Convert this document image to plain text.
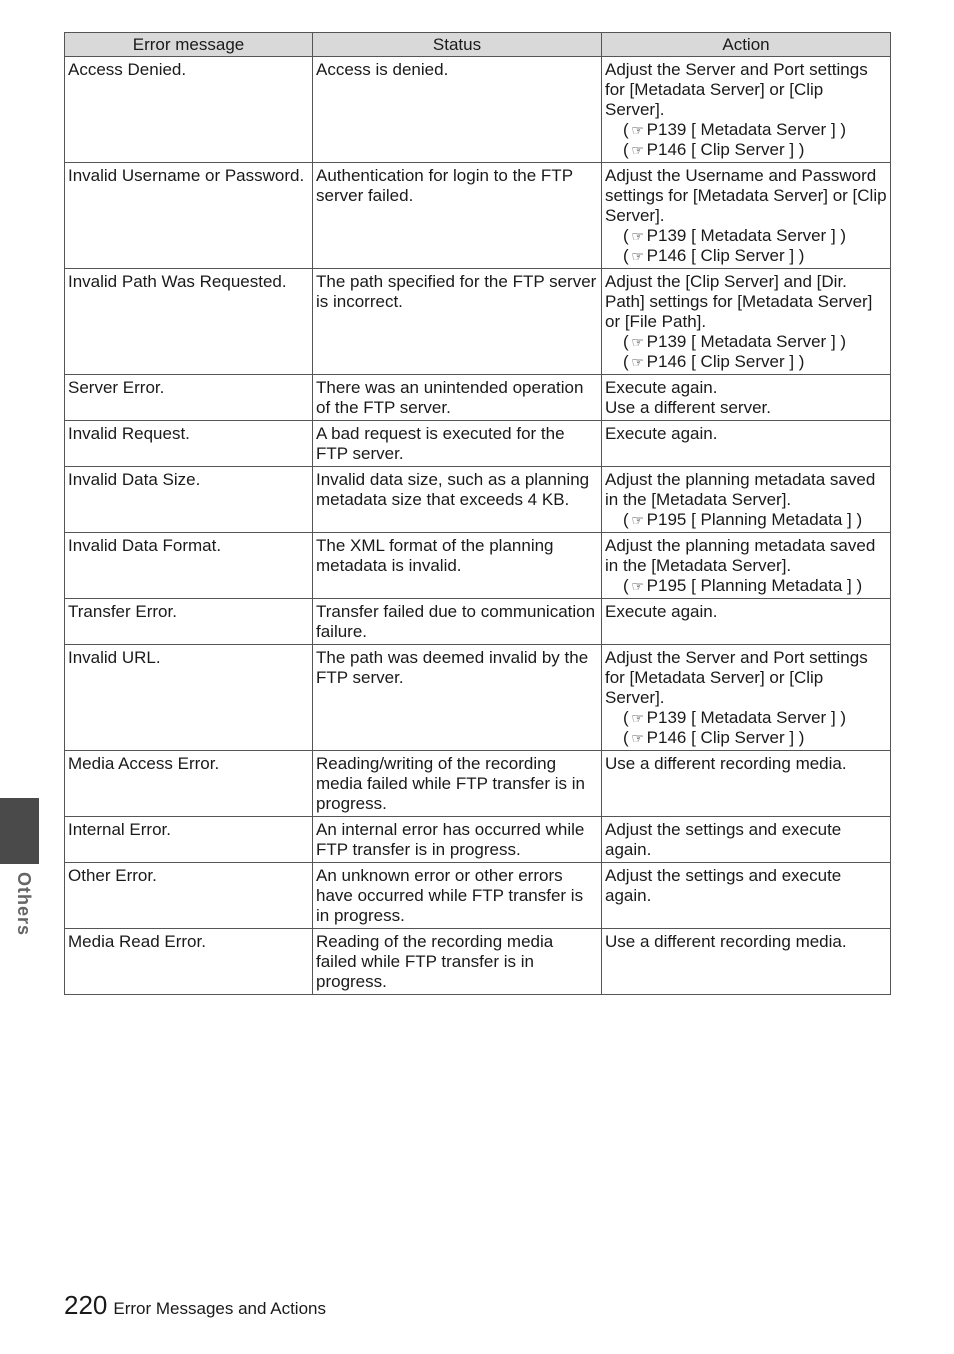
Error message	Status	Action
Access Denied.	Access is denied.	Adjust the Server and Port settings for [Metadata Server] or [Clip Server].
( ☞ P139 [ Metadata Server ] )
( ☞ P146 [ Clip Server ] )

Invalid Username or Password.	Authentication for login to the FTP server failed.	Adjust the Username and Password settings for [Metadata Server] or [Clip Server].
( ☞ P139 [ Metadata Server ] )
( ☞ P146 [ Clip Server ] )

Invalid Path Was Requested.	The path specified for the FTP server is incorrect.	Adjust the [Clip Server] and [Dir. Path] settings for [Metadata Server] or [File Path].
( ☞ P139 [ Metadata Server ] )
( ☞ P146 [ Clip Server ] )

Server Error.	There was an unintended operation of the FTP server.	Execute again.
Use a different server.

Invalid Request.	A bad request is executed for the FTP server.	Execute again.

Invalid Data Size.	Invalid data size, such as a planning metadata size that exceeds 4 KB.	Adjust the planning metadata saved in the [Metadata Server].
( ☞ P195 [ Planning Metadata ] )

Invalid Data Format.	The XML format of the planning metadata is invalid.	Adjust the planning metadata saved in the [Metadata Server].
( ☞ P195 [ Planning Metadata ] )

Transfer Error.	Transfer failed due to communication failure.	Execute again.

Invalid URL.	The path was deemed invalid by the FTP server.	Adjust the Server and Port settings for [Metadata Server] or [Clip Server].
( ☞ P139 [ Metadata Server ] )
( ☞ P146 [ Clip Server ] )

Media Access Error.	Reading/writing of the recording media failed while FTP transfer is in progress.	Use a different recording media.

Internal Error.	An internal error has occurred while FTP transfer is in progress.	Adjust the settings and execute again.

Other Error.	An unknown error or other errors have occurred while FTP transfer is in progress.	Adjust the settings and execute again.

Media Read Error.	Reading of the recording media failed while FTP transfer is in progress.	Use a different recording media.
Others
220 Error Messages and Actions
